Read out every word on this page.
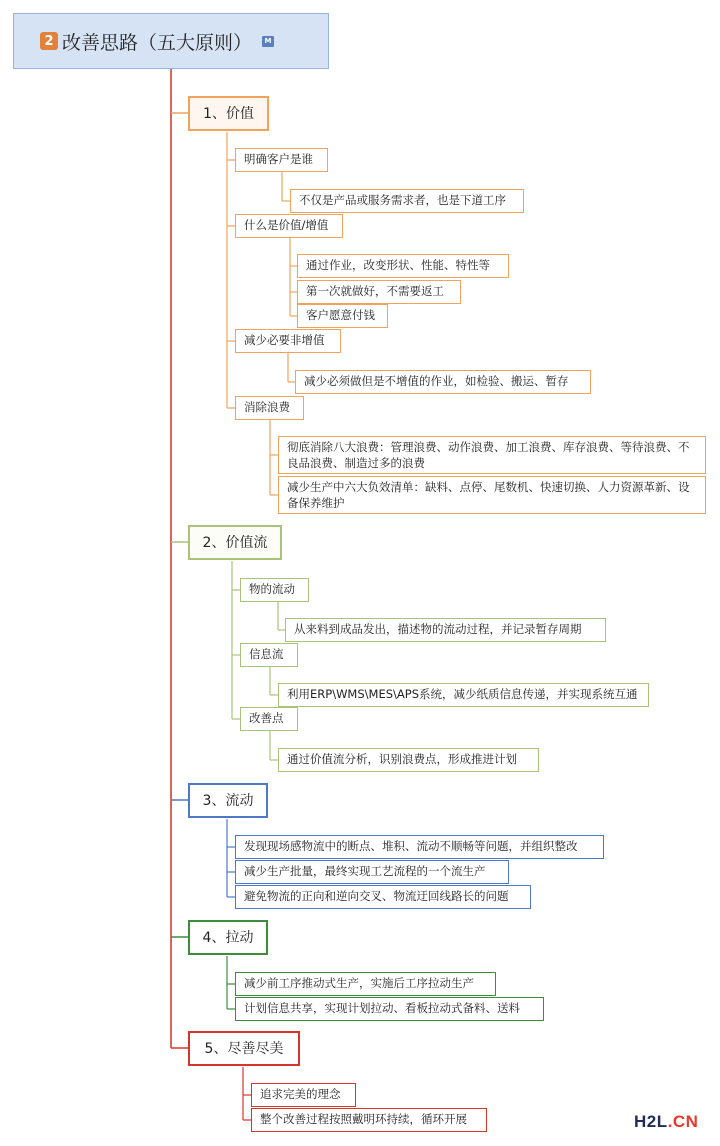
2 改善思路（五大原则）	M
1、价值
明确客户是谁
不仅是产品或服务需求者，也是下道工序
什么是价值/增值
通过作业，改变形状、性能、特性等
第一次就做好，不需要返工
客户愿意付钱
减少必要非增值
减少必须做但是不增值的作业，如检验、搬运、暂存
消除浪费
彻底消除八大浪费：管理浪费、动作浪费、加工浪费、库存浪费、等待浪费、不良品浪费、制造过多的浪费
减少生产中六大负效清单：缺料、点停、尾数机、快速切换、人力资源革新、设备保养维护
2、价值流
物的流动
从来料到成品发出，描述物的流动过程，并记录暂存周期
信息流
利用ERP\WMS\MES\APS系统，减少纸质信息传递，并实现系统互通
改善点
通过价值流分析，识别浪费点，形成推进计划
3、流动
发现现场感物流中的断点、堆积、流动不顺畅等问题，并组织整改
减少生产批量，最终实现工艺流程的一个流生产
避免物流的正向和逆向交叉、物流迂回线路长的问题
4、拉动
减少前工序推动式生产，实施后工序拉动生产
计划信息共享，实现计划拉动、看板拉动式备料、送料
5、尽善尽美
追求完美的理念
整个改善过程按照戴明环持续，循环开展	H2L.CN
